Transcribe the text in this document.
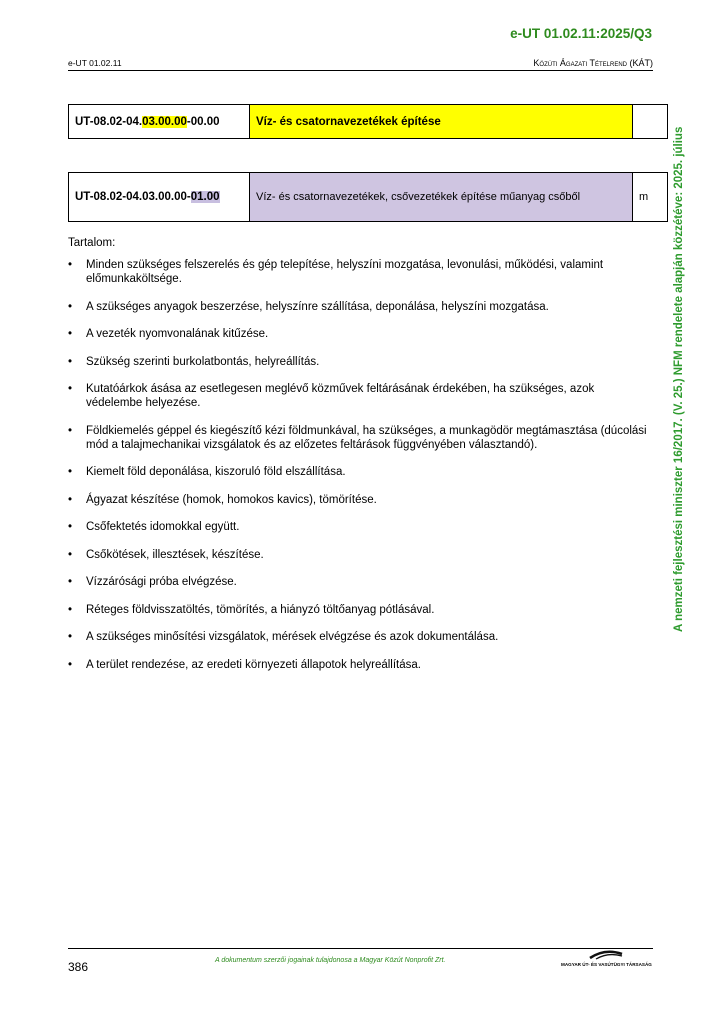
e-UT 01.02.11:2025/Q3
e-UT 01.02.11	Közúti Ágazati Tételrend (KÁT)
A nemzeti fejlesztési miniszter 16/2017. (V. 25.) NFM rendelete alapján közzétéve: 2025. július
UT-08.02-04.03.00.00-00.00	Víz- és csatornavezetékek építése	
UT-08.02-04.03.00.00-01.00	Víz- és csatornavezetékek, csővezetékek építése műanyag csőből	m
Tartalom:
• Minden szükséges felszerelés és gép telepítése, helyszíni mozgatása, levonulási, működési, valamint előmunkaköltsége.
• A szükséges anyagok beszerzése, helyszínre szállítása, deponálása, helyszíni mozgatása.
• A vezeték nyomvonalának kitűzése.
• Szükség szerinti burkolatbontás, helyreállítás.
• Kutatóárkok ásása az esetlegesen meglévő közművek feltárásának érdekében, ha szükséges, azok védelembe helyezése.
• Földkiemelés géppel és kiegészítő kézi földmunkával, ha szükséges, a munkagödör megtámasztása (dúcolási mód a talajmechanikai vizsgálatok és az előzetes feltárások függvényében választandó).
• Kiemelt föld deponálása, kiszoruló föld elszállítása.
• Ágyazat készítése (homok, homokos kavics), tömörítése.
• Csőfektetés idomokkal együtt.
• Csőkötések, illesztések, készítése.
• Vízzárósági próba elvégzése.
• Réteges földvisszatöltés, tömörítés, a hiányzó töltőanyag pótlásával.
• A szükséges minősítési vizsgálatok, mérések elvégzése és azok dokumentálása.
• A terület rendezése, az eredeti környezeti állapotok helyreállítása.
386	A dokumentum szerzői jogainak tulajdonosa a Magyar Közút Nonprofit Zrt.
MAGYAR ÚT- ÉS VASÚTÜGYI TÁRSASÁG
